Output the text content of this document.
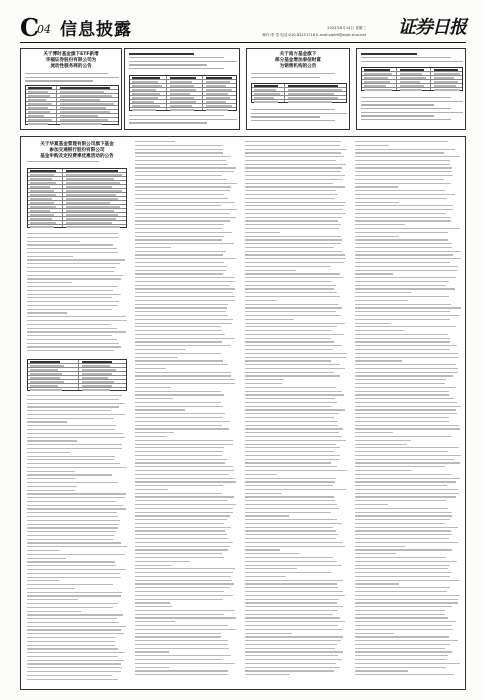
C
04 信息披露	2024年8月14日 星期三
制作:李 雪 电话:010-83251716 E-mail:zqrb9@zqrb.sina.net 证券日报
关于博时基金旗下ETF新增
华福证券股份有限公司为
流动性服务商的公告
关于南方基金旗下
部分基金增加泰信财富
为销售机构的公告
关于华夏基金管理有限公司旗下基金
参加交通银行股份有限公司
基金申购及定投费率优惠活动的公告
